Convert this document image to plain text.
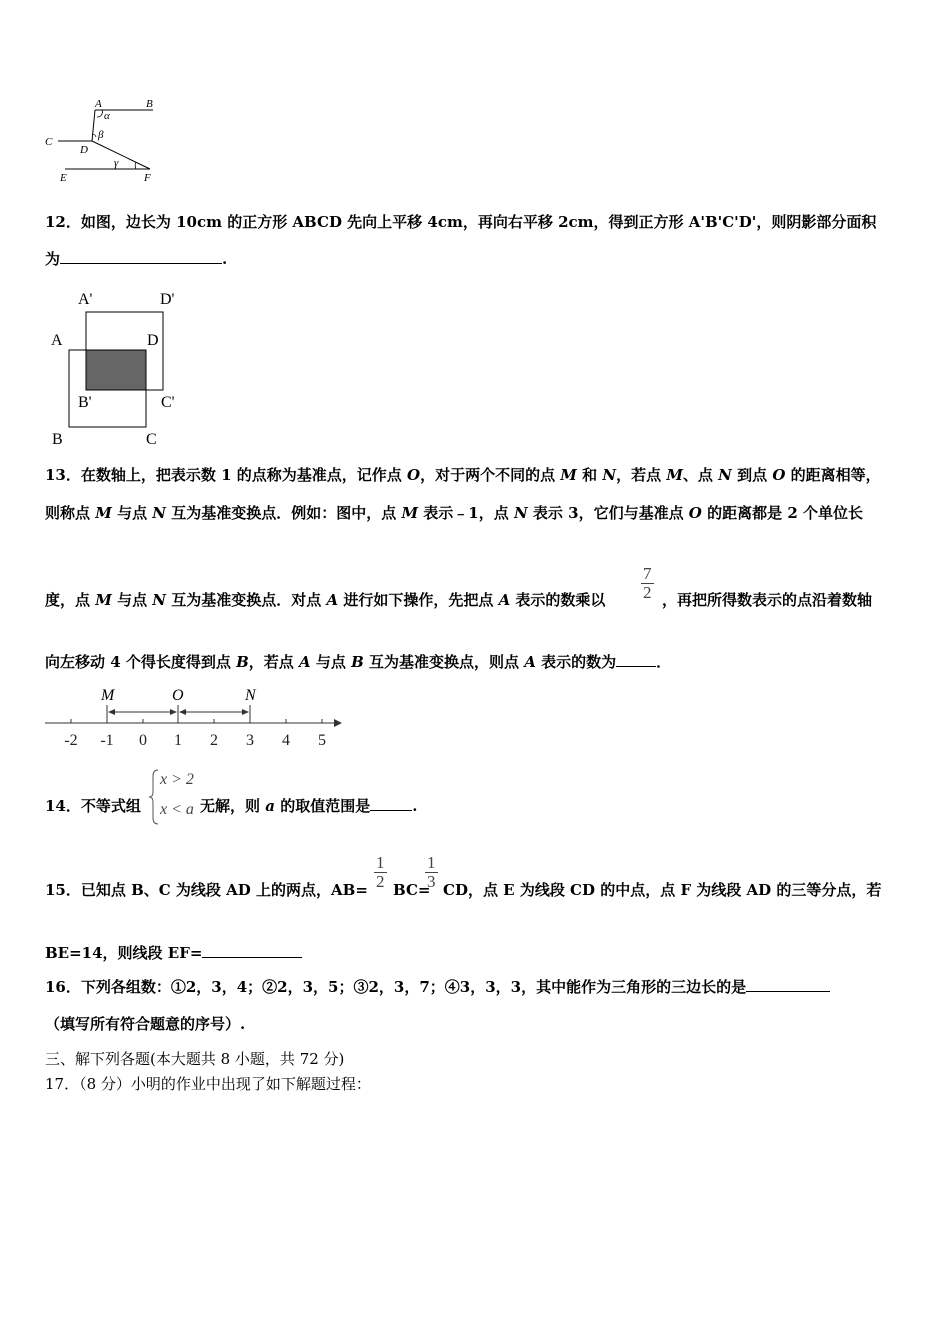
A	B
C
D
E	F
α
β
γ
12．如图，边长为 10cm 的正方形 ABCD 先向上平移 4cm，再向右平移 2cm，得到正方形 A'B'C'D'，则阴影部分面积
为	.
A'	D'
A	D
B'	C'
B	C
13．在数轴上，把表示数 1 的点称为基准点，记作点 O，对于两个不同的点 M 和 N，若点 M、点 N 到点 O 的距离相等，
则称点 M 与点 N 互为基准变换点．例如：图中，点 M 表示﹣1，点 N 表示 3，它们与基准点 O 的距离都是 2 个单位长
度，点 M 与点 N 互为基准变换点．对点 A 进行如下操作，先把点 A 表示的数乘以 $\frac{7}{2}$ ，再把所得数表示的点沿着数轴
向左移动 4 个得长度得到点 B，若点 A 与点 B 互为基准变换点，则点 A 表示的数为	．
M	O	N
-2 -1 0 1 2 3 4 5
14．不等式组
x > 2
x < a 无解，则 a 的取值范围是	.
15．已知点 B、C 为线段 AD 上的两点，$AB= \frac{1}{2} BC=$
$\frac{1}{3}$ CD，点 E 为线段 CD 的中点，点 F 为线段 AD 的三等分点，若
BE=14，则线段 EF=
16．下列各组数：①2，3，4；②2，3，5；③2，3，7；④3，3，3，其中能作为三角形的三边长的是
（填写所有符合题意的序号）.
三、解下列各题(本大题共 8 小题，共 72 分)
17．（8 分）小明的作业中出现了如下解题过程：
